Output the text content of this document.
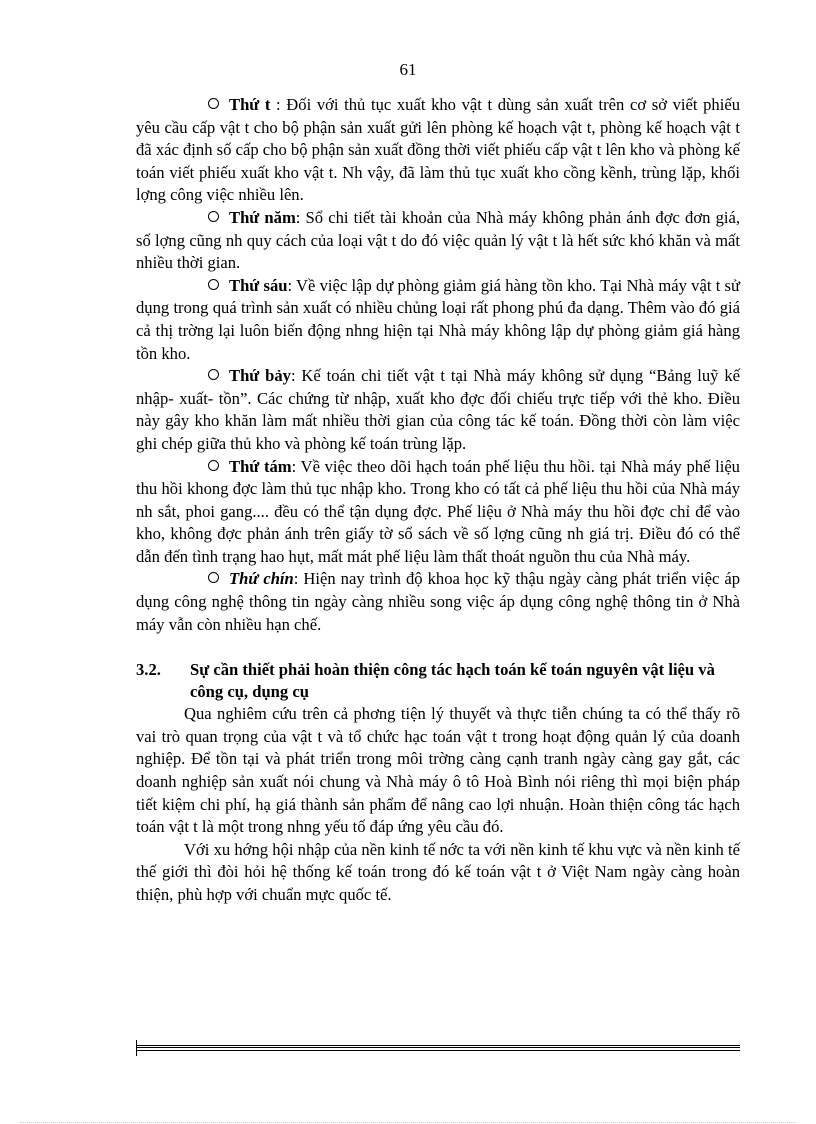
61

Thứ t : Đối với thủ tục xuất kho vật t dùng sản xuất trên cơ sở viết phiếu yêu cầu cấp vật t cho bộ phận sản xuất gửi lên phòng kế hoạch vật t, phòng kế hoạch vật t đã xác định số cấp cho bộ phận sản xuất đồng thời viết phiếu cấp vật t lên kho và phòng kế toán viết phiếu xuất kho vật t. Nh vậy, đã làm thủ tục xuất kho cồng kềnh, trùng lặp, khối lợng công việc nhiều lên.

Thứ năm: Sổ chi tiết tài khoản của Nhà máy không phản ánh đợc đơn giá, số lợng cũng nh quy cách của loại vật t do đó việc quản lý vật t là hết sức khó khăn và mất nhiều thời gian.

Thứ sáu: Về việc lập dự phòng giảm giá hàng tồn kho. Tại Nhà máy vật t sử dụng trong quá trình sản xuất có nhiều chủng loại rất phong phú đa dạng. Thêm vào đó giá cả thị trờng lại luôn biến động nhng hiện tại Nhà máy không lập dự phòng giảm giá hàng tồn kho.

Thứ bảy: Kế toán chi tiết vật t tại Nhà máy không sử dụng “Bảng luỹ kế nhập- xuất- tồn”. Các chứng từ nhập, xuất kho đợc đối chiếu trực tiếp với thẻ kho. Điều này gây kho khăn làm mất nhiều thời gian của công tác kế toán. Đồng thời còn làm việc ghi chép giữa thủ kho và phòng kế toán trùng lặp.

Thứ tám: Về việc theo dõi hạch toán phế liệu thu hồi. tại Nhà máy phế liệu thu hồi khong đợc làm thủ tục nhập kho. Trong kho có tất cả phế liệu thu hồi của Nhà máy nh sắt, phoi gang.... đều có thể tận dụng đợc. Phế liệu ở Nhà máy thu hồi đợc chỉ để vào kho, không đợc phản ánh trên giấy tờ sổ sách về số lợng cũng nh giá trị. Điều đó có thể dẫn đến tình trạng hao hụt, mất mát phế liệu làm thất thoát nguồn thu của Nhà máy.

Thứ chín: Hiện nay trình độ khoa học kỹ thậu ngày càng phát triển việc áp dụng công nghệ thông tin ngày càng nhiều song việc áp dụng công nghệ thông tin ở Nhà máy vẫn còn nhiều hạn chế.

3.2.	Sự cần thiết phải hoàn thiện công tác hạch toán kế toán nguyên vật liệu và công cụ, dụng cụ

Qua nghiêm cứu trên cả phơng tiện lý thuyết và thực tiễn chúng ta có thể thấy rõ vai trò quan trọng của vật t và tổ chức hạc toán vật t trong hoạt động quản lý của doanh nghiệp. Để tồn tại và phát triển trong môi trờng càng cạnh tranh ngày càng gay gắt, các doanh nghiệp sản xuất nói chung và Nhà máy ô tô Hoà Bình nói riêng thì mọi biện pháp tiết kiệm chi phí, hạ giá thành sản phẩm để nâng cao lợi nhuận. Hoàn thiện công tác hạch toán vật t là một trong nhng yếu tố đáp ứng yêu cầu đó.

Với xu hớng hội nhập của nền kinh tế nớc ta với nền kinh tế khu vực và nền kinh tế thế giới thì đòi hỏi hệ thống kế toán trong đó kế toán vật t ở Việt Nam ngày càng hoàn thiện, phù hợp với chuẩn mực quốc tế.
